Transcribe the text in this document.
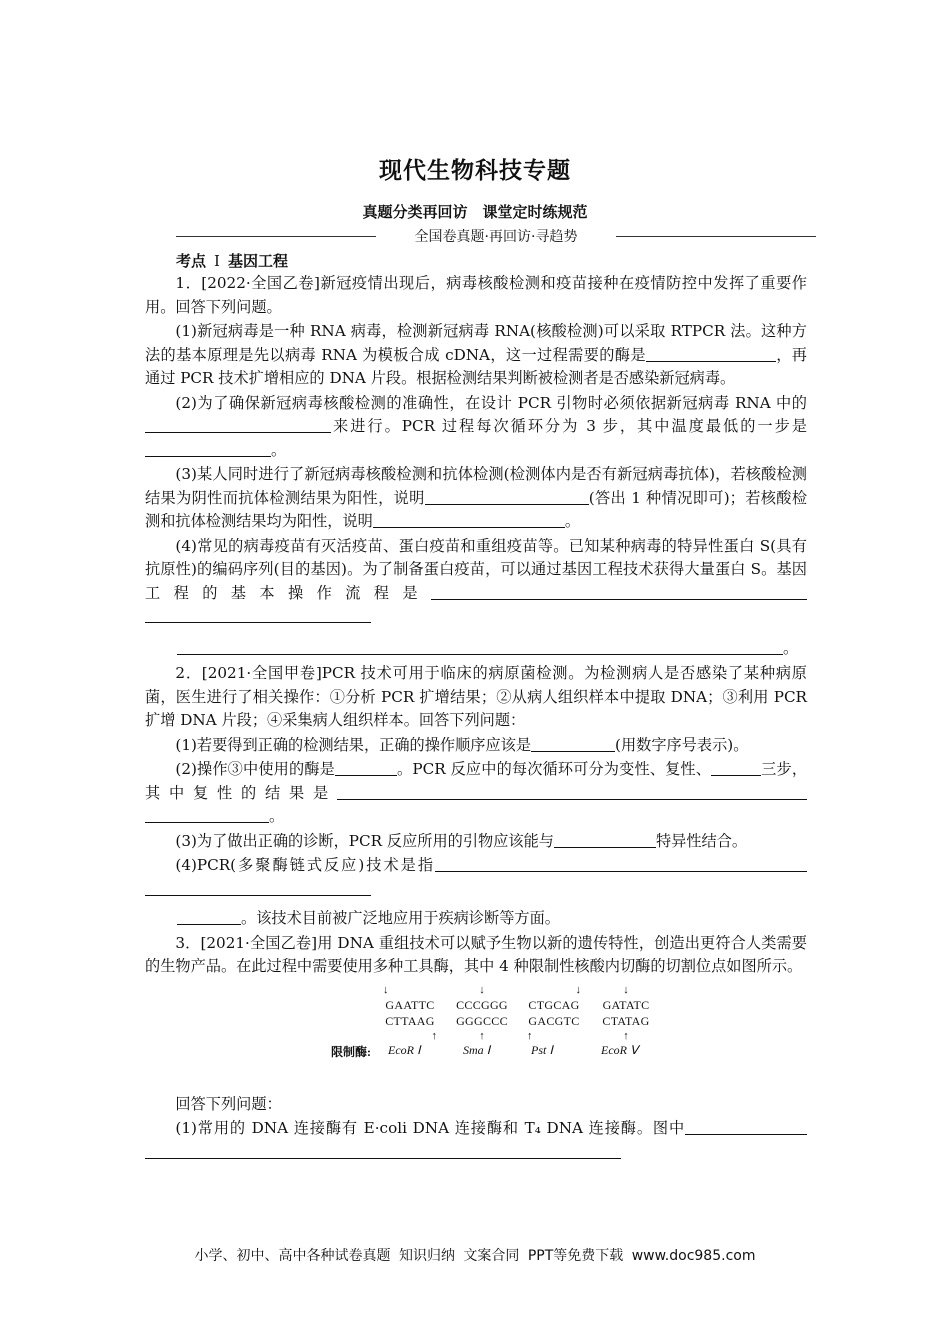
现代生物科技专题
真题分类再回访　课堂定时练规范
全国卷真题·再回访·寻趋势
考点 Ⅰ 基因工程

1．[2022·全国乙卷]新冠疫情出现后，病毒核酸检测和疫苗接种在疫情防控中发挥了重要作用。回答下列问题。

(1)新冠病毒是一种 RNA 病毒，检测新冠病毒 RNA(核酸检测)可以采取 RTPCR 法。这种方法的基本原理是先以病毒 RNA 为模板合成 cDNA，这一过程需要的酶是	，再通过 PCR 技术扩增相应的 DNA 片段。根据检测结果判断被检测者是否感染新冠病毒。

(2)为了确保新冠病毒核酸检测的准确性，在设计 PCR 引物时必须依据新冠病毒 RNA 中的来进行。PCR 过程每次循环分为 3 步，其中温度最低的一步是。

(3)某人同时进行了新冠病毒核酸检测和抗体检测(检测体内是否有新冠病毒抗体)，若核酸检测结果为阴性而抗体检测结果为阳性，说明	(答出 1 种情况即可)；若核酸检测和抗体检测结果均为阳性，说明	。

(4)常见的病毒疫苗有灭活疫苗、蛋白疫苗和重组疫苗等。已知某种病毒的特异性蛋白 S(具有抗原性)的编码序列(目的基因)。为了制备蛋白疫苗，可以通过基因工程技术获得大量蛋白 S。基因工程的基本操作流程是

。

2．[2021·全国甲卷]PCR 技术可用于临床的病原菌检测。为检测病人是否感染了某种病原菌，医生进行了相关操作：①分析 PCR 扩增结果；②从病人组织样本中提取 DNA；③利用 PCR 扩增 DNA 片段；④采集病人组织样本。回答下列问题：

(1)若要得到正确的检测结果，正确的操作顺序应该是	(用数字序号表示)。

(2)操作③中使用的酶是	。PCR 反应中的每次循环可分为变性、复性、	三步，其中复性的结果是。

(3)为了做出正确的诊断，PCR 反应所用的引物应该能与	特异性结合。

(4)PCR(多聚酶链式反应)技术是指

。该技术目前被广泛地应用于疾病诊断等方面。

3．[2021·全国乙卷]用 DNA 重组技术可以赋予生物以新的遗传特性，创造出更符合人类需要的生物产品。在此过程中需要使用多种工具酶，其中 4 种限制性核酸内切酶的切割位点如图所示。

↓
GAATTC
CTTAAG
↑
↓
CCCGGG
GGGCCC
↑
↓
CTGCAG
GACGTC
↑
↓
GATATC
CTATAG
↑
限制酶: EcoR Ⅰ	Sma Ⅰ	Pst Ⅰ	EcoR Ⅴ

回答下列问题：

(1)常用的 DNA 连接酶有 E·coli DNA 连接酶和 T₄ DNA 连接酶。图中

小学、初中、高中各种试卷真题 知识归纳 文案合同 PPT等免费下载 www.doc985.com
